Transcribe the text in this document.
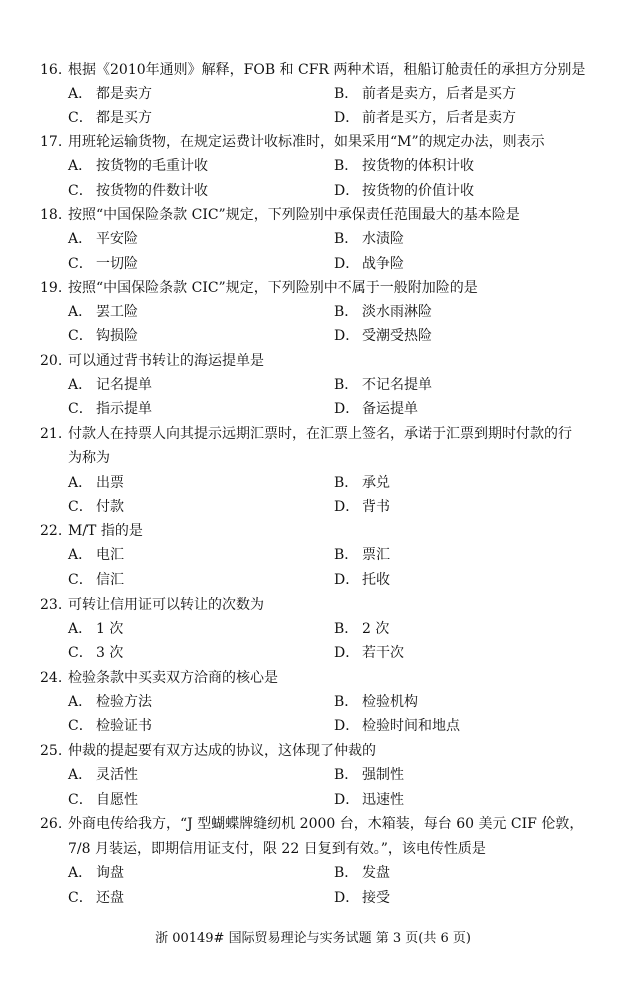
16. 根据《2010年通则》解释，FOB 和 CFR 两种术语，租船订舱责任的承担方分别是
A． 都是卖方	B． 前者是卖方，后者是买方
C． 都是买方	D． 前者是买方，后者是卖方
17. 用班轮运输货物，在规定运费计收标准时，如果采用“M”的规定办法，则表示
A． 按货物的毛重计收	B． 按货物的体积计收
C． 按货物的件数计收	D． 按货物的价值计收
18. 按照“中国保险条款 CIC”规定，下列险别中承保责任范围最大的基本险是
A． 平安险	B． 水渍险
C． 一切险	D． 战争险
19. 按照“中国保险条款 CIC”规定，下列险别中不属于一般附加险的是
A． 罢工险	B． 淡水雨淋险
C． 钩损险	D． 受潮受热险
20. 可以通过背书转让的海运提单是
A． 记名提单	B． 不记名提单
C． 指示提单	D． 备运提单
21. 付款人在持票人向其提示远期汇票时，在汇票上签名，承诺于汇票到期时付款的行
为称为
A． 出票	B． 承兑
C． 付款	D． 背书
22. M/T 指的是
A． 电汇	B． 票汇
C． 信汇	D． 托收
23. 可转让信用证可以转让的次数为
A． 1 次	B． 2 次
C． 3 次	D． 若干次
24. 检验条款中买卖双方洽商的核心是
A． 检验方法	B． 检验机构
C． 检验证书	D． 检验时间和地点
25. 仲裁的提起要有双方达成的协议，这体现了仲裁的
A． 灵活性	B． 强制性
C． 自愿性	D． 迅速性
26. 外商电传给我方，“J 型蝴蝶牌缝纫机 2000 台，木箱装，每台 60 美元 CIF 伦敦，
7/8 月装运，即期信用证支付，限 22 日复到有效。”，该电传性质是
A． 询盘	B． 发盘
C． 还盘	D． 接受
浙 00149# 国际贸易理论与实务试题 第 3 页(共 6 页)
